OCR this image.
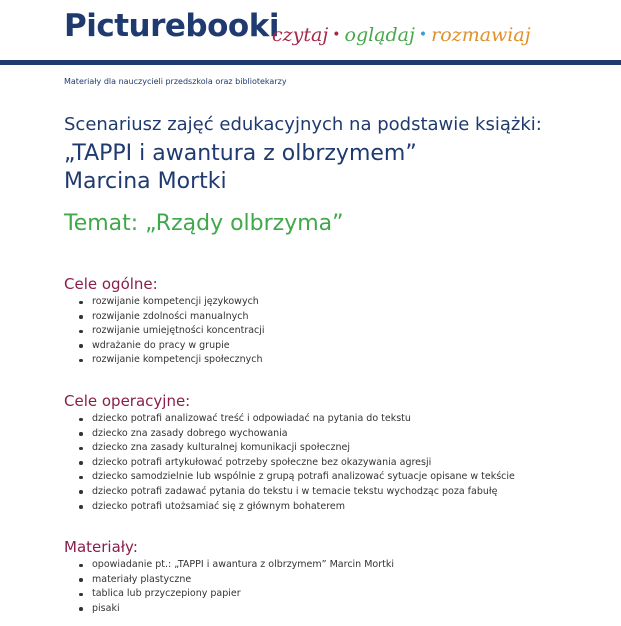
Picturebooki
czytaj • oglądaj • rozmawiaj
Materiały dla nauczycieli przedszkola oraz bibliotekarzy
Scenariusz zajęć edukacyjnych na podstawie książki:
„TAPPI i awantura z olbrzymem”
Marcina Mortki
Temat: „Rządy olbrzyma”
Cele ogólne:
rozwijanie kompetencji językowych
rozwijanie zdolności manualnych
rozwijanie umiejętności koncentracji
wdrażanie do pracy w grupie
rozwijanie kompetencji społecznych
Cele operacyjne:
dziecko potrafi analizować treść i odpowiadać na pytania do tekstu
dziecko zna zasady dobrego wychowania
dziecko zna zasady kulturalnej komunikacji społecznej
dziecko potrafi artykułować potrzeby społeczne bez okazywania agresji
dziecko samodzielnie lub wspólnie z grupą potrafi analizować sytuacje opisane w tekście
dziecko potrafi zadawać pytania do tekstu i w temacie tekstu wychodząc poza fabułę
dziecko potrafi utożsamiać się z głównym bohaterem
Materiały:
opowiadanie pt.: „TAPPI i awantura z olbrzymem” Marcin Mortki
materiały plastyczne
tablica lub przyczepiony papier
pisaki
